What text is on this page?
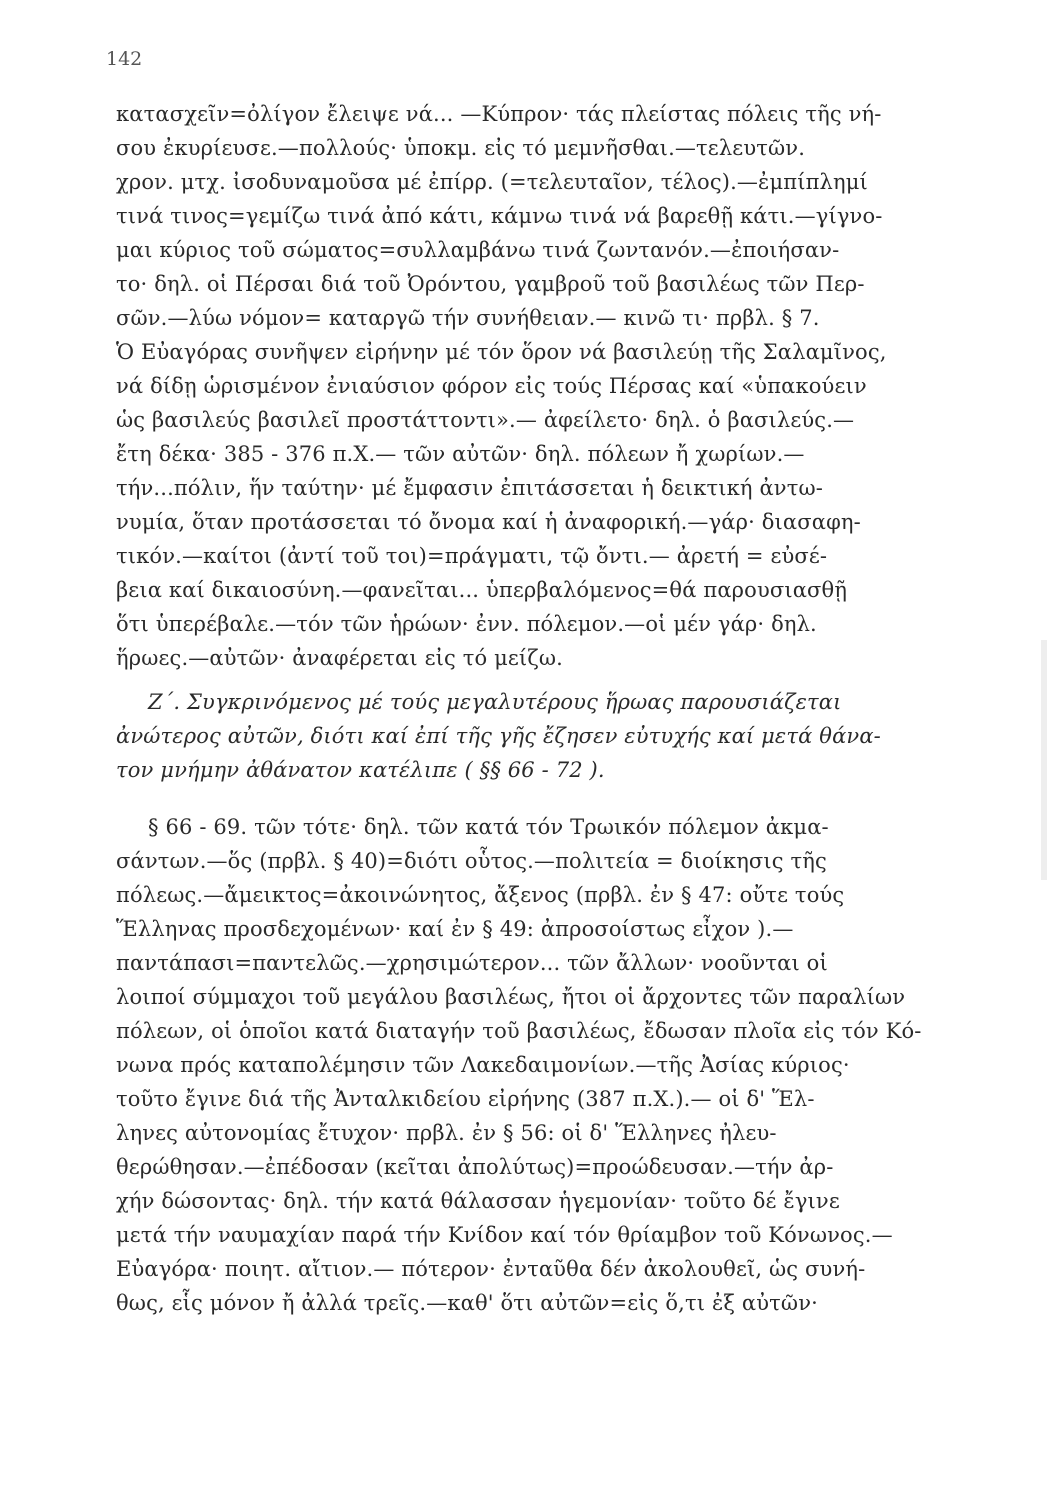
142
κατασχεῖν=ὀλίγον ἔλειψε νά... —Κύπρον· τάς πλείστας πόλεις τῆς νή-
σου ἐκυρίευσε.—πολλούς· ὑποκμ. εἰς τό μεμνῆσθαι.—τελευτῶν.
χρον. μτχ. ἰσοδυναμοῦσα μέ ἐπίρρ. (=τελευταῖον, τέλος).—ἐμπίπλημί
τινά τινος=γεμίζω τινά ἀπό κάτι, κάμνω τινά νά βαρεθῇ κάτι.—γίγνο-
μαι κύριος τοῦ σώματος=συλλαμβάνω τινά ζωντανόν.—ἐποιήσαν-
το· δηλ. οἱ Πέρσαι διά τοῦ Ὀρόντου, γαμβροῦ τοῦ βασιλέως τῶν Περ-
σῶν.—λύω νόμον= καταργῶ τήν συνήθειαν.— κινῶ τι· πρβλ. § 7.
Ὁ Εὐαγόρας συνῆψεν εἰρήνην μέ τόν ὅρον νά βασιλεύῃ τῆς Σαλαμῖνος,
νά δίδῃ ὡρισμένον ἐνιαύσιον φόρον εἰς τούς Πέρσας καί «ὑπακούειν
ὡς βασιλεύς βασιλεῖ προστάττοντι».— ἀφείλετο· δηλ. ὁ βασιλεύς.—
ἔτη δέκα· 385 - 376 π.Χ.— τῶν αὐτῶν· δηλ. πόλεων ἤ χωρίων.—
τήν...πόλιν, ἥν ταύτην· μέ ἔμφασιν ἐπιτάσσεται ἡ δεικτική ἀντω-
νυμία, ὅταν προτάσσεται τό ὄνομα καί ἡ ἀναφορική.—γάρ· διασαφη-
τικόν.—καίτοι (ἀντί τοῦ τοι)=πράγματι, τῷ ὄντι.— ἀρετή = εὐσέ-
βεια καί δικαιοσύνη.—φανεῖται... ὑπερβαλόμενος=θά παρουσιασθῇ
ὅτι ὑπερέβαλε.—τόν τῶν ἡρώων· ἐνν. πόλεμον.—οἱ μέν γάρ· δηλ.
ἥρωες.—αὐτῶν· ἀναφέρεται εἰς τό μείζω.
Ζ΄. Συγκρινόμενος μέ τούς μεγαλυτέρους ἥρωας παρουσιάζεται
ἀνώτερος αὐτῶν, διότι καί ἐπί τῆς γῆς ἔζησεν εὐτυχής καί μετά θάνα-
τον μνήμην ἀθάνατον κατέλιπε ( §§ 66 - 72 ).
§ 66 - 69. τῶν τότε· δηλ. τῶν κατά τόν Τρωικόν πόλεμον ἀκμα-
σάντων.—ὅς (πρβλ. § 40)=διότι οὗτος.—πολιτεία = διοίκησις τῆς
πόλεως.—ἄμεικτος=ἀκοινώνητος, ἄξενος (πρβλ. ἐν § 47: οὔτε τούς
Ἕλληνας προσδεχομένων· καί ἐν § 49: ἀπροσοίστως εἶχον ).—
παντάπασι=παντελῶς.—χρησιμώτερον... τῶν ἄλλων· νοοῦνται οἱ
λοιποί σύμμαχοι τοῦ μεγάλου βασιλέως, ἤτοι οἱ ἄρχοντες τῶν παραλίων
πόλεων, οἱ ὁποῖοι κατά διαταγήν τοῦ βασιλέως, ἔδωσαν πλοῖα εἰς τόν Κό-
νωνα πρός καταπολέμησιν τῶν Λακεδαιμονίων.—τῆς Ἀσίας κύριος·
τοῦτο ἔγινε διά τῆς Ἀνταλκιδείου εἰρήνης (387 π.Χ.).— οἱ δ' Ἕλ-
ληνες αὐτονομίας ἔτυχον· πρβλ. ἐν § 56: οἱ δ' Ἕλληνες ἠλευ-
θερώθησαν.—ἐπέδοσαν (κεῖται ἀπολύτως)=προώδευσαν.—τήν ἀρ-
χήν δώσοντας· δηλ. τήν κατά θάλασσαν ἡγεμονίαν· τοῦτο δέ ἔγινε
μετά τήν ναυμαχίαν παρά τήν Κνίδον καί τόν θρίαμβον τοῦ Κόνωνος.—
Εὐαγόρα· ποιητ. αἴτιον.— πότερον· ἐνταῦθα δέν ἀκολουθεῖ, ὡς συνή-
θως, εἷς μόνον ἤ ἀλλά τρεῖς.—καθ' ὅτι αὐτῶν=εἰς ὅ,τι ἐξ αὐτῶν·
